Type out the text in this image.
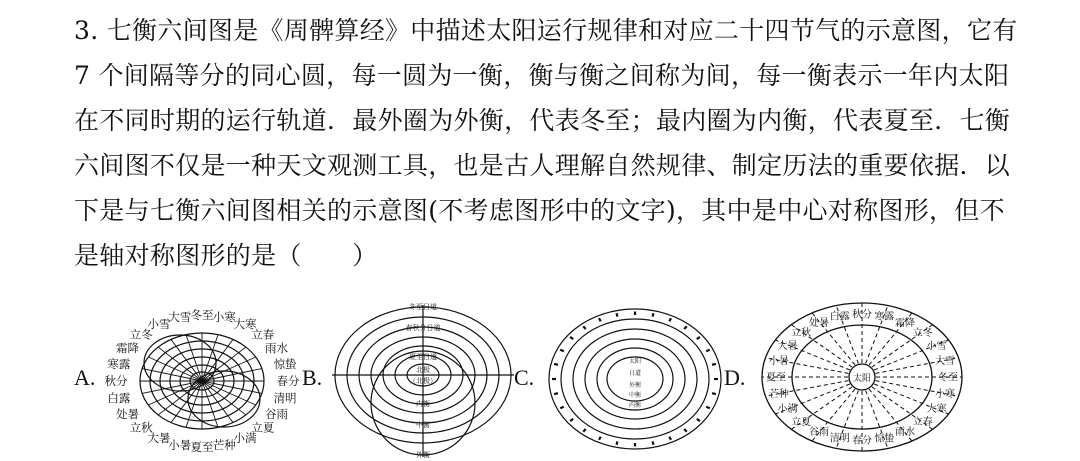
3. 七衡六间图是《周髀算经》中描述太阳运行规律和对应二十四节气的示意图，它有
7 个间隔等分的同心圆，每一圆为一衡，衡与衡之间称为间，每一衡表示一年内太阳
在不同时期的运行轨道．最外圈为外衡，代表冬至；最内圈为内衡，代表夏至．七衡
六间图不仅是一种天文观测工具，也是古人理解自然规律、制定历法的重要依据．以
下是与七衡六间图相关的示意图(不考虑图形中的文字)，其中是中心对称图形，但不
是轴对称图形的是（　　）
A.
冬至 小寒
大寒
立春
雨水
惊蛰
春分
清明
谷雨
立夏
小满
芒种
夏至
小暑
大暑
立秋
处暑
白露
秋分
寒露
霜降
立冬
小雪
大雪
B.
冬至日道
春秋分日道
夏至日道
北极
（北极）
外衡
中衡
内衡
C.
太阳
日道
外衡
中衡
内衡
D.	太阳	冬至
小寒
大寒
立春
雨水
惊蛰
春分
清明
谷雨
立夏
小满
芒种
夏至
小暑
大暑
立秋
处暑
白露 秋分 寒露
霜降
立冬
小雪
大雪
